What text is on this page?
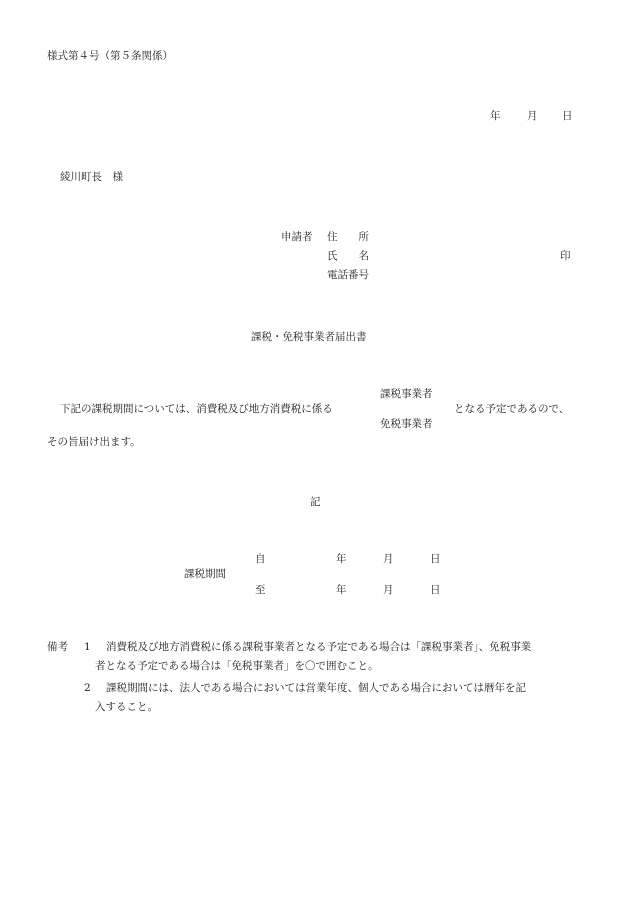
様式第４号（第５条関係）
年	月 日
綾川町長　様
申請者 住　　所
氏　　名	印
電話番号
課税・免税事業者届出書
課税事業者
下記の課税期間については、消費税及び地方消費税に係る	となる予定であるので、
免税事業者
その旨届け出ます。
記
自	年	月	日
課税期間
至	年	月	日
備考 1 消費税及び地方消費税に係る課税事業者となる予定である場合は「課税事業者」、免税事業
者となる予定である場合は「免税事業者」を〇で囲むこと。
2 課税期間には、法人である場合においては営業年度、個人である場合においては暦年を記
入すること。
